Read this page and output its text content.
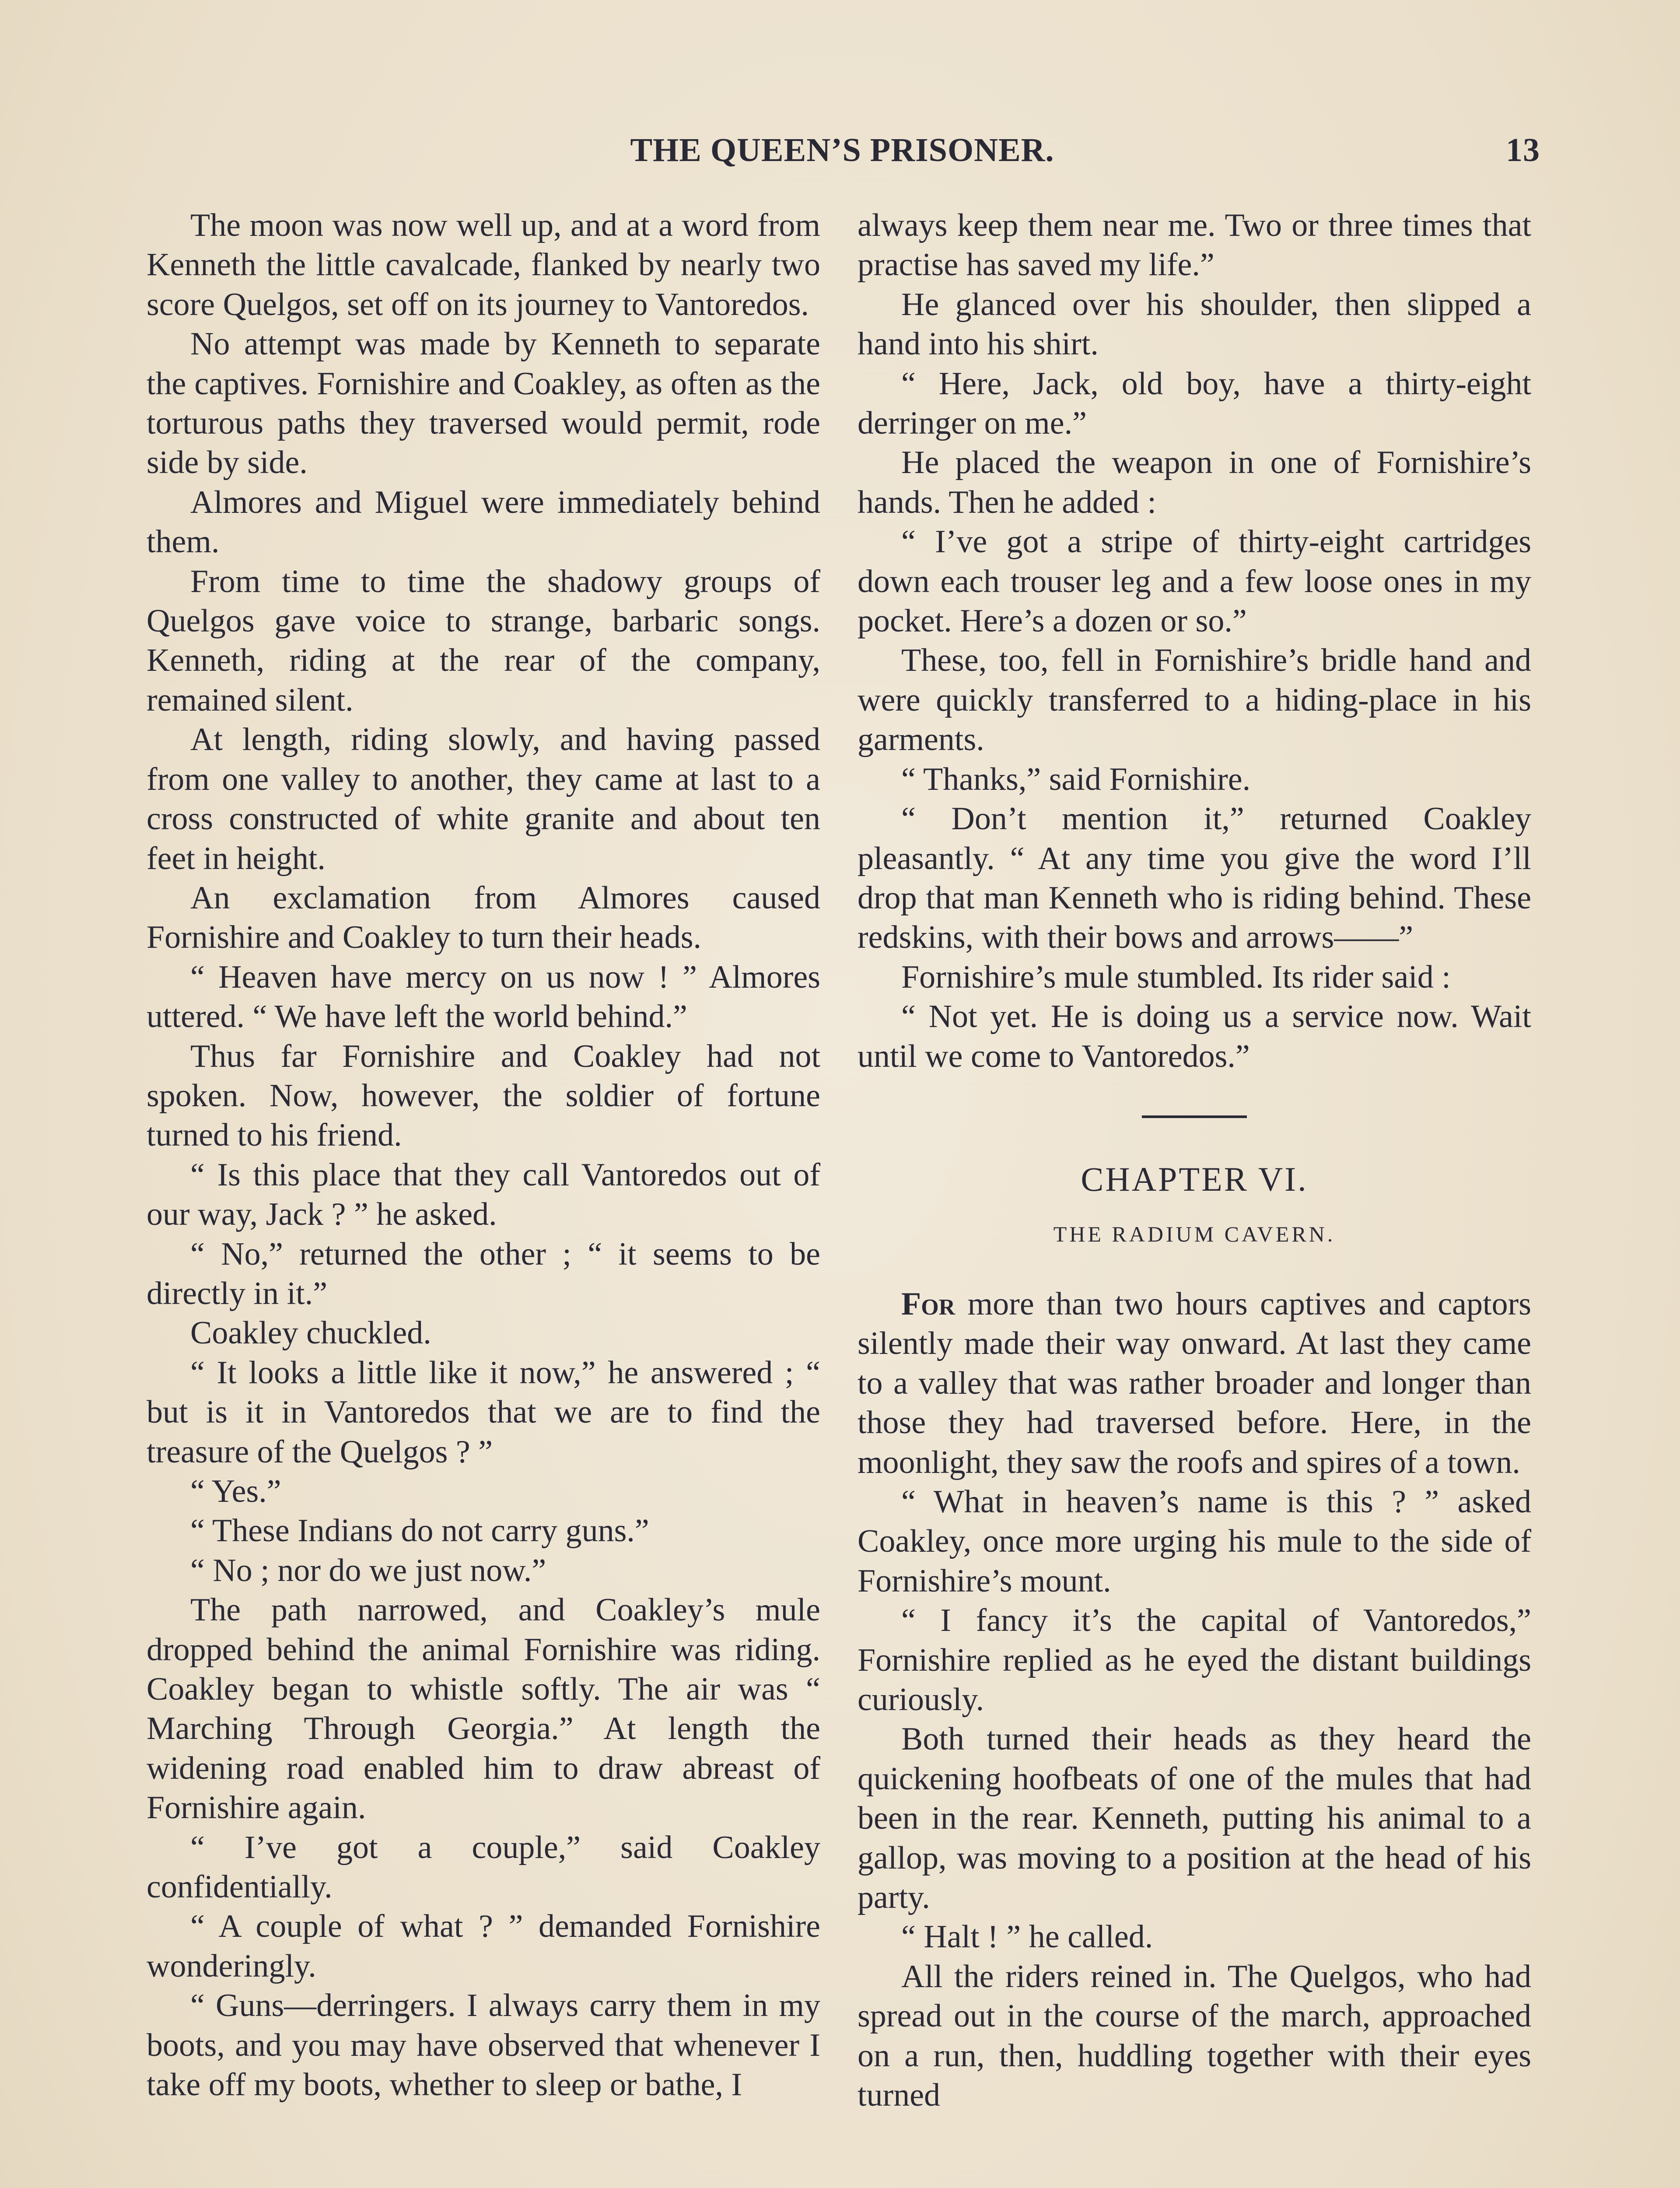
THE QUEEN’S PRISONER.	13

The moon was now well up, and at a word from Kenneth the little cavalcade, flanked by nearly two score Quelgos, set off on its journey to Vantoredos.

No attempt was made by Kenneth to separate the captives. Fornishire and Coakley, as often as the torturous paths they traversed would permit, rode side by side.

Almores and Miguel were immediately behind them.

From time to time the shadowy groups of Quelgos gave voice to strange, barbaric songs. Kenneth, riding at the rear of the company, remained silent.

At length, riding slowly, and having passed from one valley to another, they came at last to a cross constructed of white granite and about ten feet in height.

An exclamation from Almores caused Fornishire and Coakley to turn their heads.

“ Heaven have mercy on us now ! ” Almores uttered. “ We have left the world behind.”

Thus far Fornishire and Coakley had not spoken. Now, however, the soldier of fortune turned to his friend.

“ Is this place that they call Vantoredos out of our way, Jack ? ” he asked.

“ No,” returned the other ; “ it seems to be directly in it.”

Coakley chuckled.

“ It looks a little like it now,” he answered ; “ but is it in Vantoredos that we are to find the treasure of the Quelgos ? ”

“ Yes.”

“ These Indians do not carry guns.”

“ No ; nor do we just now.”

The path narrowed, and Coakley’s mule dropped behind the animal Fornishire was riding. Coakley began to whistle softly. The air was “ Marching Through Georgia.” At length the widening road enabled him to draw abreast of Fornishire again.

“ I’ve got a couple,” said Coakley confidentially.

“ A couple of what ? ” demanded Fornishire wonderingly.

“ Guns—derringers. I always carry them in my boots, and you may have observed that whenever I take off my boots, whether to sleep or bathe, I

always keep them near me. Two or three times that practise has saved my life.”

He glanced over his shoulder, then slipped a hand into his shirt.

“ Here, Jack, old boy, have a thirty-eight derringer on me.”

He placed the weapon in one of Fornishire’s hands. Then he added :

“ I’ve got a stripe of thirty-eight cartridges down each trouser leg and a few loose ones in my pocket. Here’s a dozen or so.”

These, too, fell in Fornishire’s bridle hand and were quickly transferred to a hiding-place in his garments.

“ Thanks,” said Fornishire.

“ Don’t mention it,” returned Coakley pleasantly. “ At any time you give the word I’ll drop that man Kenneth who is riding behind. These redskins, with their bows and arrows——”

Fornishire’s mule stumbled. Its rider said :

“ Not yet. He is doing us a service now. Wait until we come to Vantoredos.”

CHAPTER VI.
THE RADIUM CAVERN.

For more than two hours captives and captors silently made their way onward. At last they came to a valley that was rather broader and longer than those they had traversed before. Here, in the moonlight, they saw the roofs and spires of a town.

“ What in heaven’s name is this ? ” asked Coakley, once more urging his mule to the side of Fornishire’s mount.

“ I fancy it’s the capital of Vantoredos,” Fornishire replied as he eyed the distant buildings curiously.

Both turned their heads as they heard the quickening hoofbeats of one of the mules that had been in the rear. Kenneth, putting his animal to a gallop, was moving to a position at the head of his party.

“ Halt ! ” he called.

All the riders reined in. The Quelgos, who had spread out in the course of the march, approached on a run, then, huddling together with their eyes turned
